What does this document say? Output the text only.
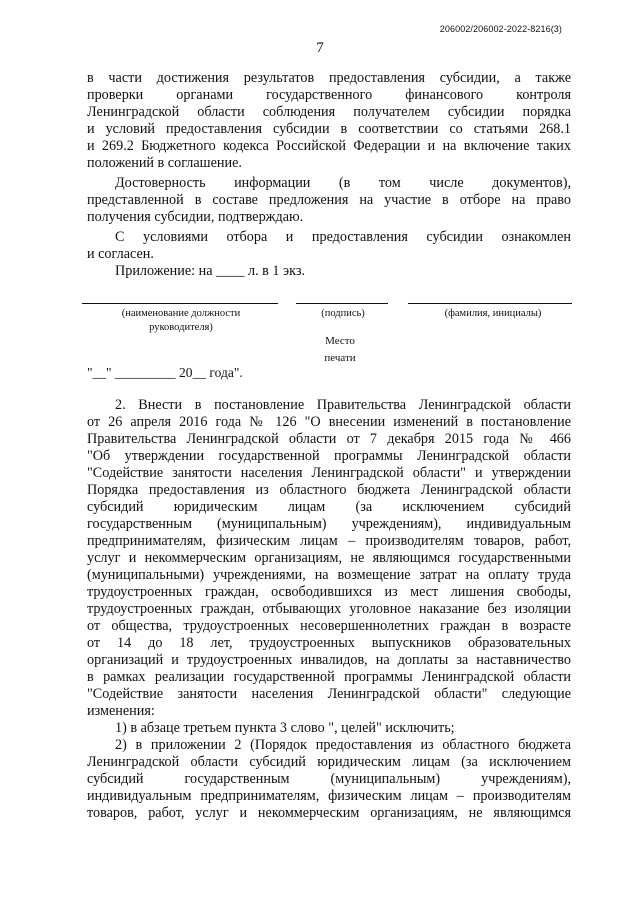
206002/206002-2022-8216(3)
7
в части достижения результатов предоставления субсидии, а также
проверки органами государственного финансового контроля
Ленинградской области соблюдения получателем субсидии порядка
и условий предоставления субсидии в соответствии со статьями 268.1
и 269.2 Бюджетного кодекса Российской Федерации и на включение таких
положений в соглашение.
Достоверность информации (в том числе документов),
представленной в составе предложения на участие в отборе на право
получения субсидии, подтверждаю.
С условиями отбора и предоставления субсидии ознакомлен
и согласен.
Приложение: на ____ л. в 1 экз.
(наименование должности
руководителя)
(подпись)	(фамилия, инициалы)
Место
печати
"__" _________ 20__ года".
2. Внести в постановление Правительства Ленинградской области
от 26 апреля 2016 года № 126 "О внесении изменений в постановление
Правительства Ленинградской области от 7 декабря 2015 года № 466
"Об утверждении государственной программы Ленинградской области
"Содействие занятости населения Ленинградской области" и утверждении
Порядка предоставления из областного бюджета Ленинградской области
субсидий юридическим лицам (за исключением субсидий
государственным (муниципальным) учреждениям), индивидуальным
предпринимателям, физическим лицам – производителям товаров, работ,
услуг и некоммерческим организациям, не являющимся государственными
(муниципальными) учреждениями, на возмещение затрат на оплату труда
трудоустроенных граждан, освободившихся из мест лишения свободы,
трудоустроенных граждан, отбывающих уголовное наказание без изоляции
от общества, трудоустроенных несовершеннолетних граждан в возрасте
от 14 до 18 лет, трудоустроенных выпускников образовательных
организаций и трудоустроенных инвалидов, на доплаты за наставничество
в рамках реализации государственной программы Ленинградской области
"Содействие занятости населения Ленинградской области" следующие
изменения:
1) в абзаце третьем пункта 3 слово ", целей" исключить;
2) в приложении 2 (Порядок предоставления из областного бюджета
Ленинградской области субсидий юридическим лицам (за исключением
субсидий государственным (муниципальным) учреждениям),
индивидуальным предпринимателям, физическим лицам – производителям
товаров, работ, услуг и некоммерческим организациям, не являющимся
